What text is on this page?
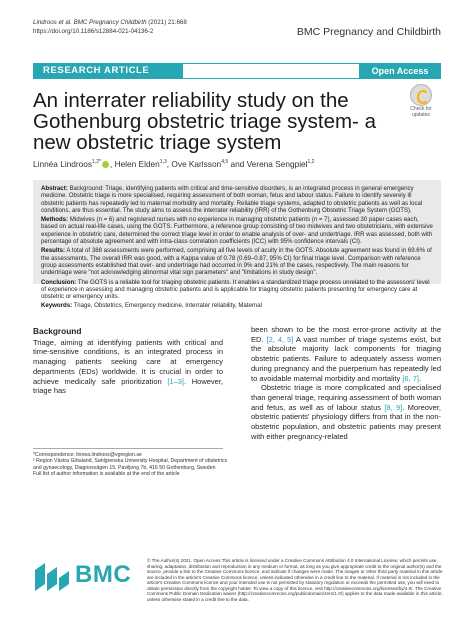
Lindroos et al. BMC Pregnancy Childbirth (2021) 21:668
https://doi.org/10.1186/s12884-021-04136-2	BMC Pregnancy and Childbirth
RESEARCH ARTICLE	Open Access
An interrater reliability study on the Gothenburg obstetric triage system- a new obstetric triage system
Check for
updates
Linnéa Lindroos$^{1,2*}$ , Helen Elden$^{1,3}$, Ove Karlsson$^{4,5}$ and Verena Sengpiel$^{1,2}$

Abstract: Background: Triage, identifying patients with critical and time-sensitive disorders, is an integrated process in general emergency medicine. Obstetric triage is more specialised, requiring assessment of both woman, fetus and labour status. Failure to identify severely ill obstetric patients has repeatedly led to maternal morbidity and mortality. Reliable triage systems, adapted to obstetric patients as well as local conditions, are thus essential. The study aims to assess the interrater reliability (IRR) of the Gothenburg Obstetric Triage System (GOTS).

Methods: Midwives (n = 6) and registered nurses with no experience in managing obstetric patients (n = 7), assessed 30 paper cases each, based on actual real-life cases, using the GOTS. Furthermore, a reference group consisting of two midwives and two obstetricians, with extensive experience in obstetric care, determined the correct triage level in order to enable analysis of over- and undertriage. IRR was assessed, both with percentage of absolute agreement and with intra-class correlation coefficients (ICC) with 95% confidence intervals (CI).

Results: A total of 388 assessments were performed, comprising all five levels of acuity in the GOTS. Absolute agreement was found in 69.6% of the assessments. The overall IRR was good, with a Kappa value of 0.78 (0.69–0.87, 95% CI) for final triage level. Comparison with reference group assessments established that over- and undertriage had occurred in 9% and 21% of the cases, respectively. The main reasons for undertriage were "not acknowledging abnormal vital sign parameters" and "limitations in study design".

Conclusion: The GOTS is a reliable tool for triaging obstetric patients. It enables a standardized triage process unrelated to the assessors' level of experience in assessing and managing obstetric patients and is applicable for triaging obstetric patients presenting for emergency care at obstetric or emergency units.

Keywords: Triage, Obstetrics, Emergency medicine, Interrater reliability, Maternal

Background

Triage, aiming at identifying patients with critical and time-sensitive conditions, is an integrated process in managing patients seeking care at emergency departments (EDs) worldwide. It is crucial in order to achieve medically safe prioritization [1–3]. However, triage has

*Correspondence: linnea.lindroos@vgregion.se
¹ Region Västra Götaland, Sahlgrenska University Hospital, Department of obstetrics and gynaecology, Diagnosvägen 15, Paviljong 7b, 416 50 Gothenburg, Sweden
Full list of author information is available at the end of the article

been shown to be the most error-prone activity at the ED. [2, 4, 5] A vast number of triage systems exist, but the absolute majority lack components for triaging obstetric patients. Failure to adequately assess women during pregnancy and the puerperium has repeatedly led to avoidable maternal morbidity and mortality [6, 7].

Obstetric triage is more complicated and specialised than general triage, requiring assessment of both woman and fetus, as well as of labour status [8, 9]. Moreover, obstetric patients' physiology differs from that in the non-obstetric population, and obstetric patients may present with either pregnancy-related

BMC
© The Author(s) 2021. Open Access This article is licensed under a Creative Commons Attribution 4.0 International License, which permits use, sharing, adaptation, distribution and reproduction in any medium or format, as long as you give appropriate credit to the original author(s) and the source, provide a link to the Creative Commons licence, and indicate if changes were made. The images or other third party material in this article are included in the article's Creative Commons licence, unless indicated otherwise in a credit line to the material. If material is not included in the article's Creative Commons licence and your intended use is not permitted by statutory regulation or exceeds the permitted use, you will need to obtain permission directly from the copyright holder. To view a copy of this licence, visit http://creativecommons.org/licenses/by/4.0/. The Creative Commons Public Domain Dedication waiver (http://creativecommons.org/publicdomain/zero/1.0/) applies to the data made available in this article, unless otherwise stated in a credit line to the data.
